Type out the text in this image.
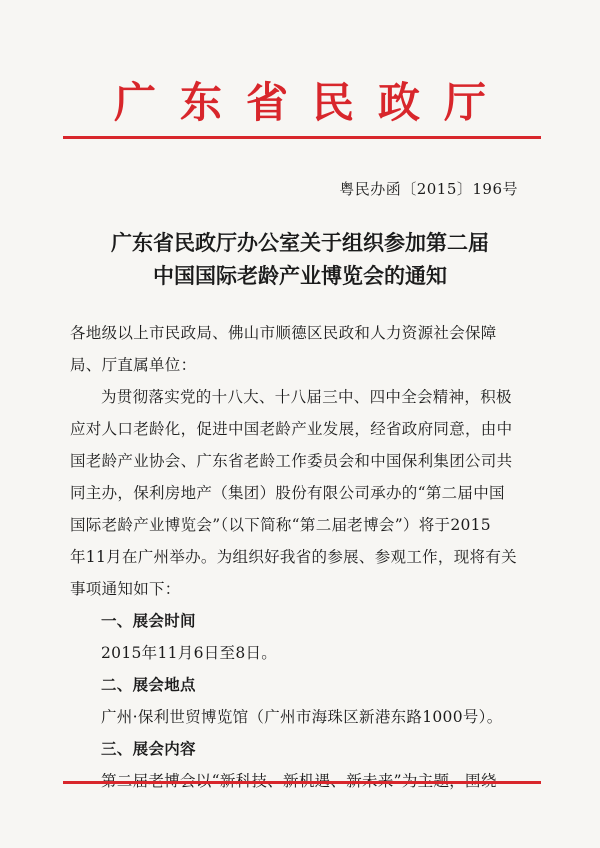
广东省民政厅
粤民办函〔2015〕196号
广东省民政厅办公室关于组织参加第二届
中国国际老龄产业博览会的通知
各地级以上市民政局、佛山市顺德区民政和人力资源社会保障
局、厅直属单位：
为贯彻落实党的十八大、十八届三中、四中全会精神，积极
应对人口老龄化，促进中国老龄产业发展，经省政府同意，由中
国老龄产业协会、广东省老龄工作委员会和中国保利集团公司共
同主办，保利房地产（集团）股份有限公司承办的“第二届中国
国际老龄产业博览会”（以下简称“第二届老博会”）将于2015
年11月在广州举办。为组织好我省的参展、参观工作，现将有关
事项通知如下：
一、展会时间
2015年11月6日至8日。
二、展会地点
广州·保利世贸博览馆（广州市海珠区新港东路1000号）。
三、展会内容
